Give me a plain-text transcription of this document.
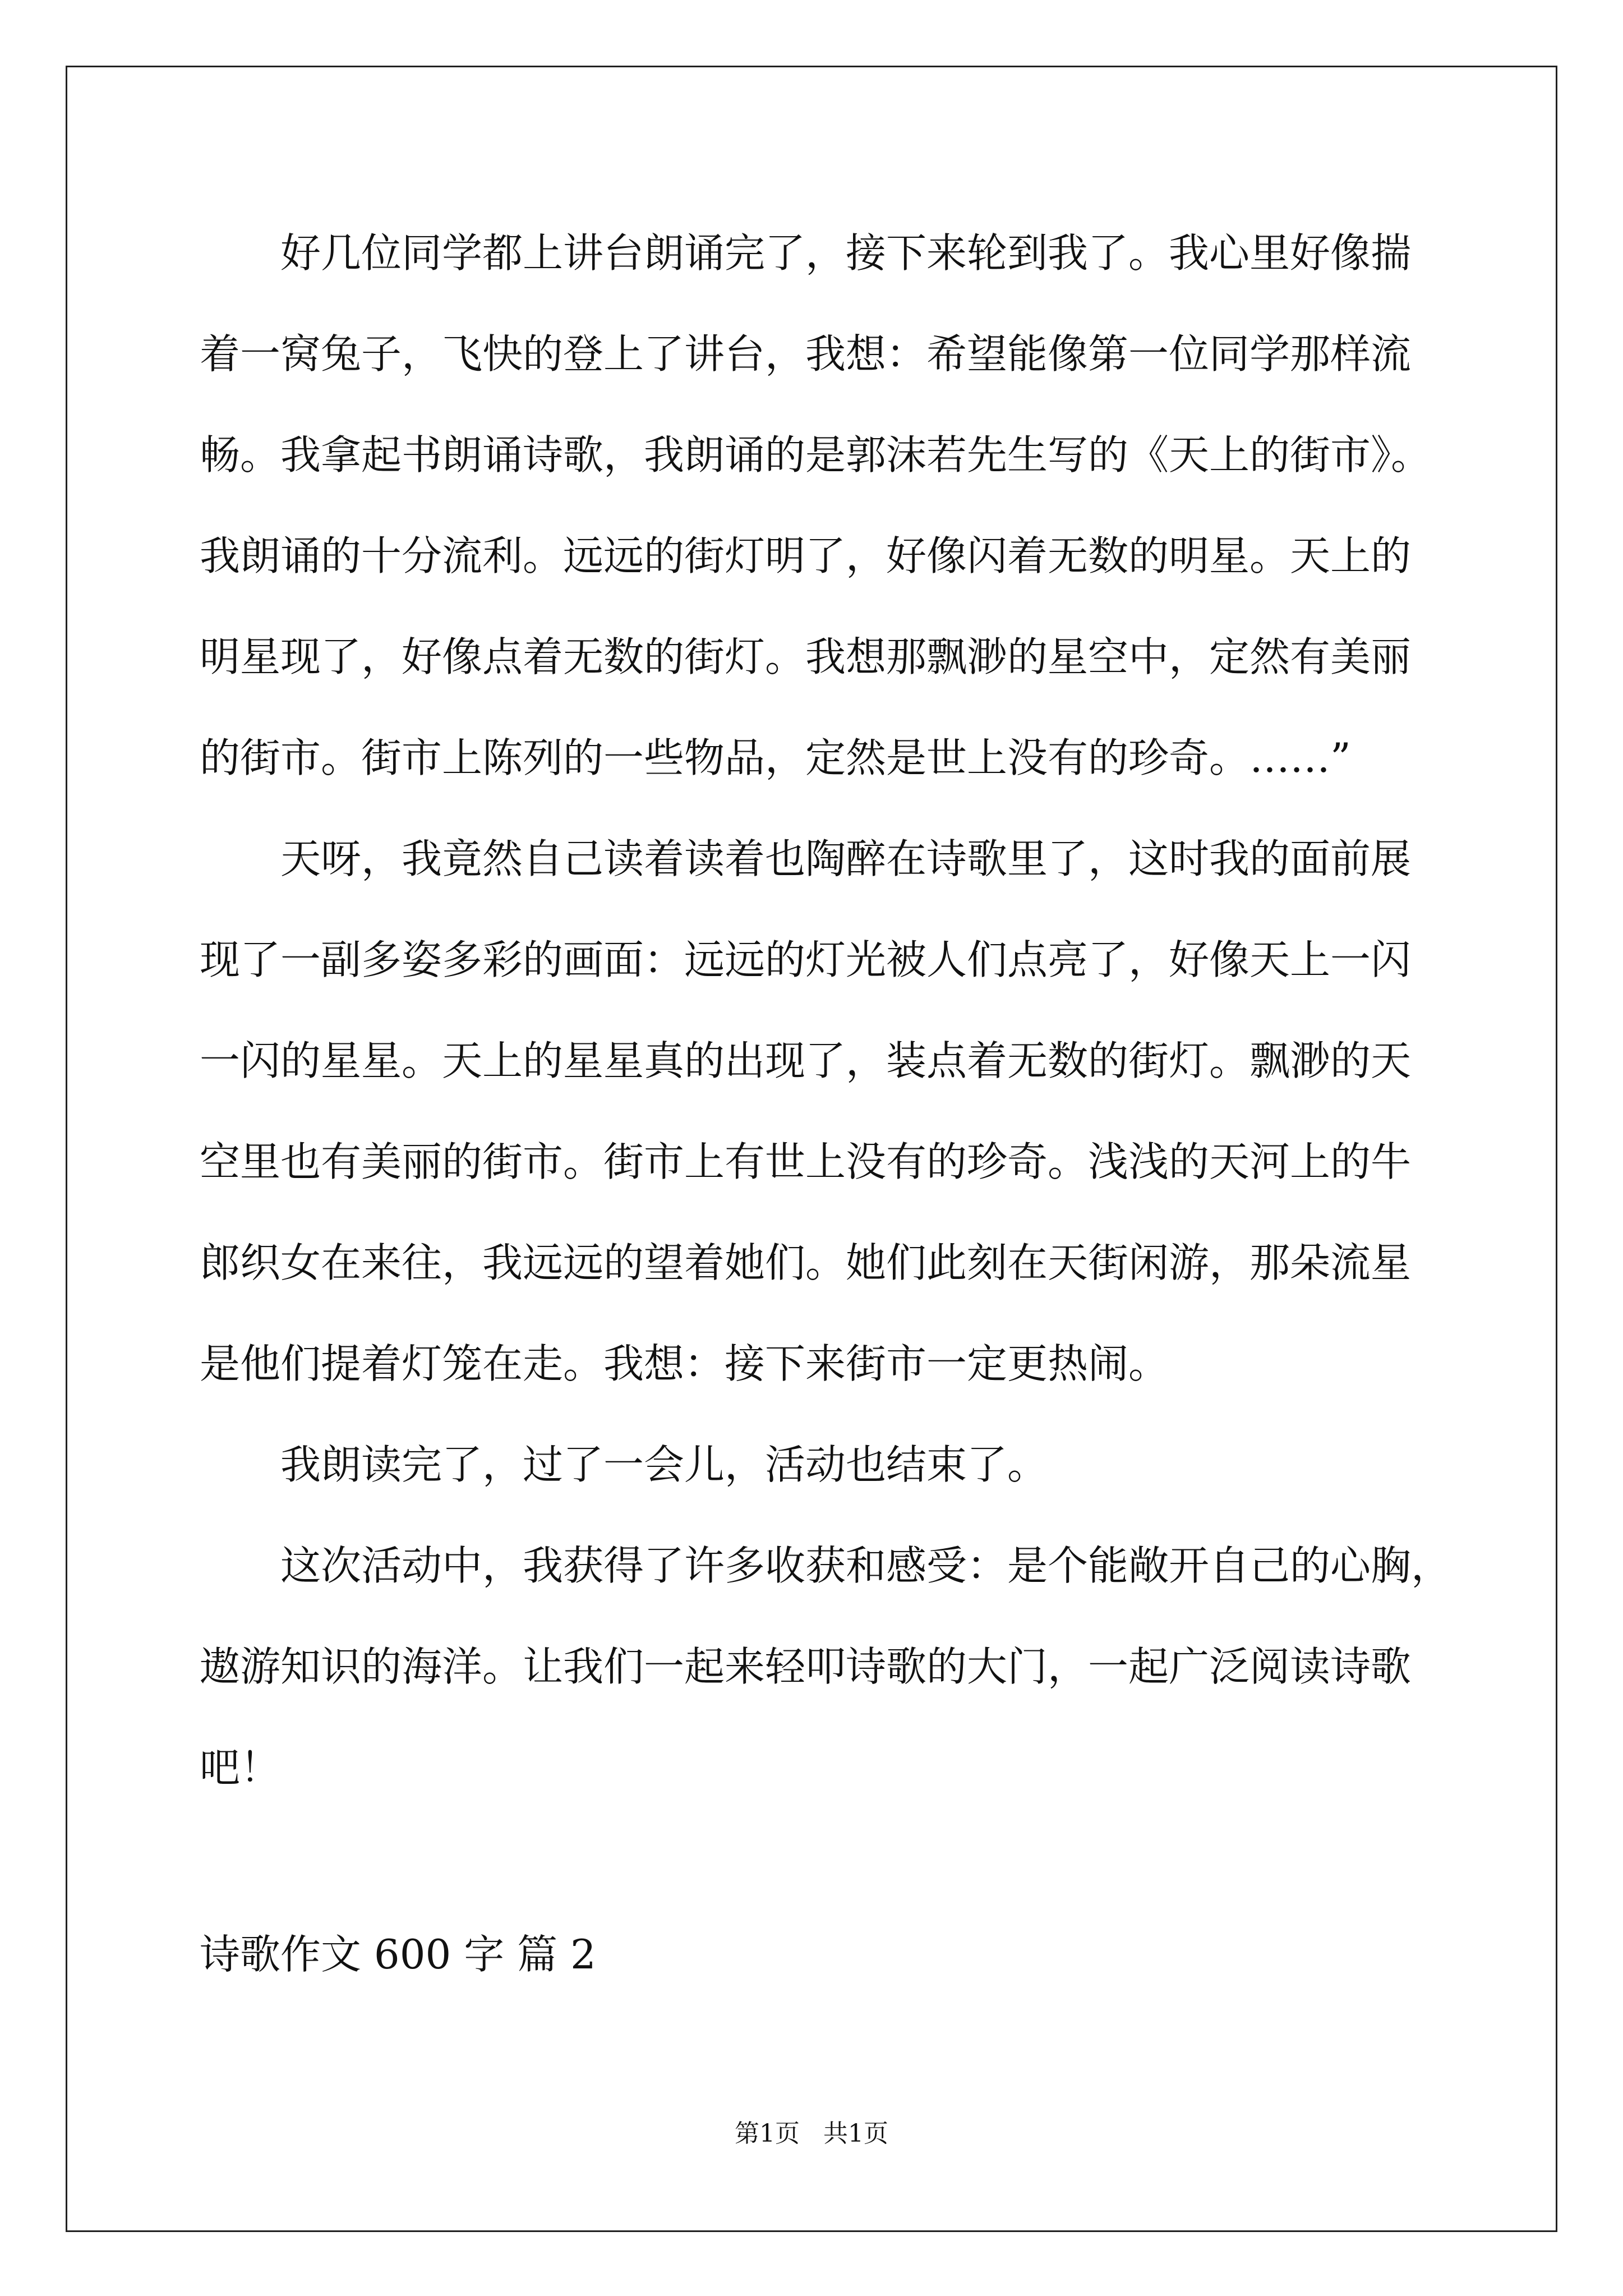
好几位同学都上讲台朗诵完了，接下来轮到我了。我心里好像揣
着一窝兔子，飞快的登上了讲台，我想：希望能像第一位同学那样流
畅。我拿起书朗诵诗歌，我朗诵的是郭沫若先生写的《天上的街市》。
我朗诵的十分流利。远远的街灯明了，好像闪着无数的明星。天上的
明星现了，好像点着无数的街灯。我想那飘渺的星空中，定然有美丽
的街市。街市上陈列的一些物品，定然是世上没有的珍奇。……”
天呀，我竟然自己读着读着也陶醉在诗歌里了，这时我的面前展
现了一副多姿多彩的画面：远远的灯光被人们点亮了，好像天上一闪
一闪的星星。天上的星星真的出现了，装点着无数的街灯。飘渺的天
空里也有美丽的街市。街市上有世上没有的珍奇。浅浅的天河上的牛
郎织女在来往，我远远的望着她们。她们此刻在天街闲游，那朵流星
是他们提着灯笼在走。我想：接下来街市一定更热闹。
我朗读完了，过了一会儿，活动也结束了。
这次活动中，我获得了许多收获和感受：是个能敞开自己的心胸，
遨游知识的海洋。让我们一起来轻叩诗歌的大门，一起广泛阅读诗歌
吧！
诗歌作文 600 字 篇 2
第1页 共1页
